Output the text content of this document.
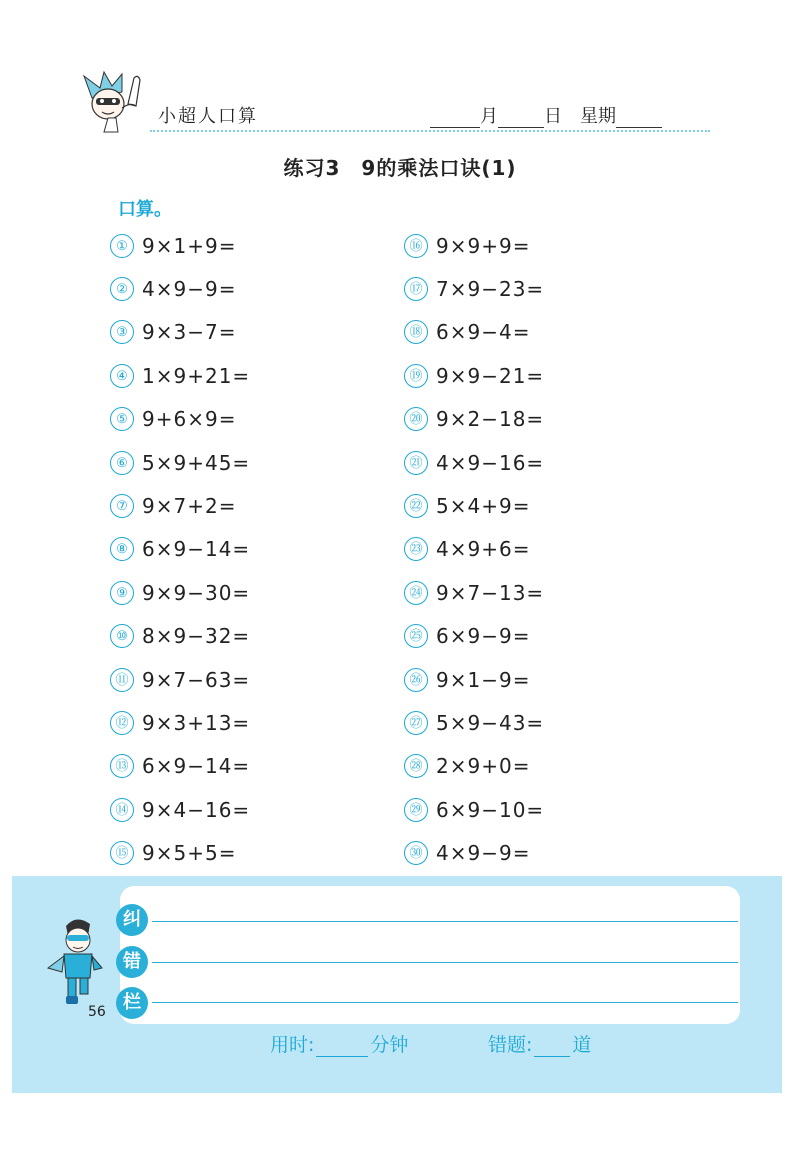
小超人口算	月	日 星期
练习3　9的乘法口诀(1)
口算。
① 9×1+9=
② 4×9−9=
③ 9×3−7=
④ 1×9+21=
⑤ 9+6×9=
⑥ 5×9+45=
⑦ 9×7+2=
⑧ 6×9−14=
⑨ 9×9−30=
⑩ 8×9−32=
⑪ 9×7−63=
⑫ 9×3+13=
⑬ 6×9−14=
⑭ 9×4−16=
⑮ 9×5+5=
⑯ 9×9+9=
⑰ 7×9−23=
⑱ 6×9−4=
⑲ 9×9−21=
⑳ 9×2−18=
㉑ 4×9−16=
㉒ 5×4+9=
㉓ 4×9+6=
㉔ 9×7−13=
㉕ 6×9−9=
㉖ 9×1−9=
㉗ 5×9−43=
㉘ 2×9+0=
㉙ 6×9−10=
㉚ 4×9−9=
纠
错
栏
56
用时:	分钟	错题: 道
